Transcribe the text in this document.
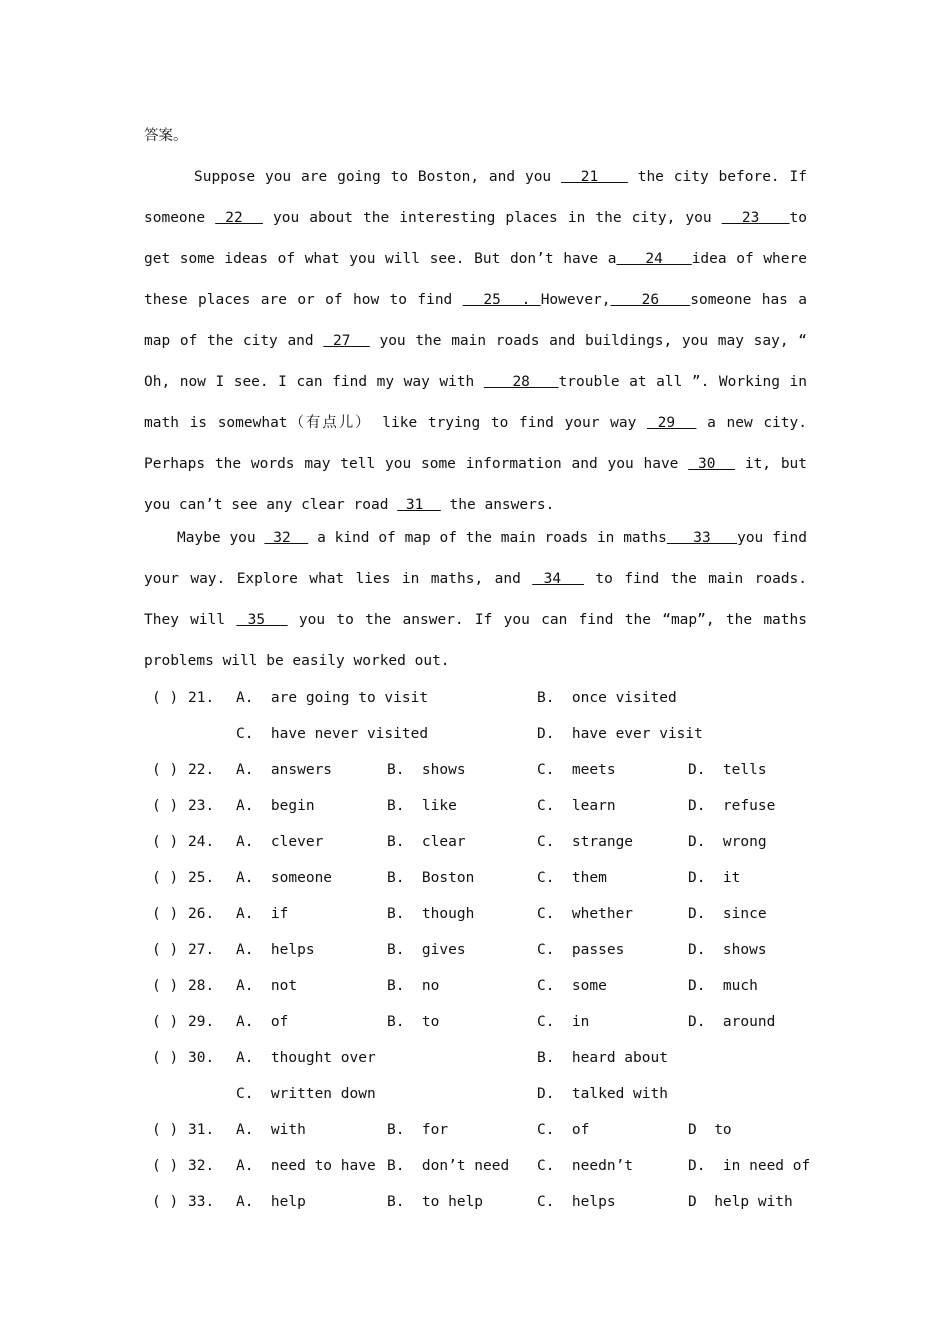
答案。
Suppose you are going to Boston, and you   21    the city before. If someone  22   you about the interesting places in the city, you   23   to get some ideas of what you will see. But don’t have a   24   idea of where these places are or of how to find   25  . However,   26   someone has a map of the city and  27   you the main roads and buildings, you may say, “ Oh, now I see. I can find my way with    28   trouble at all ”. Working in math is somewhat（有点儿） like trying to find your way  29   a new city. Perhaps the words may tell you some information and you have  30   it, but you can’t see any clear road  31   the answers.
Maybe you  32   a kind of map of the main roads in maths   33   you find your way. Explore what lies in maths, and  34   to find the main roads. They will  35   you to the answer. If you can find the “map”, the maths problems will be easily worked out.
( ) 21. A.  are going to visit	B.  once visited
C.  have never visited	D.  have ever visit
( ) 22. A.  answers	B.  shows	C.  meets	D.  tells
( ) 23. A.  begin	B.  like	C.  learn	D.  refuse
( ) 24. A.  clever	B.  clear	C.  strange	D.  wrong
( ) 25. A.  someone	B.  Boston	C.  them	D.  it
( ) 26. A.  if	B.  though	C.  whether	D.  since
( ) 27. A.  helps	B.  gives	C.  passes	D.  shows
( ) 28. A.  not	B.  no	C.  some	D.  much
( ) 29. A.  of	B.  to	C.  in	D.  around
( ) 30. A.  thought over	B.  heard about
C.  written down	D.  talked with
( ) 31. A.  with	B.  for	C.  of	D  to
( ) 32. A.  need to have B.  don’t need C.  needn’t	D.  in need of
( ) 33. A.  help	B.  to help	C.  helps	D  help with
